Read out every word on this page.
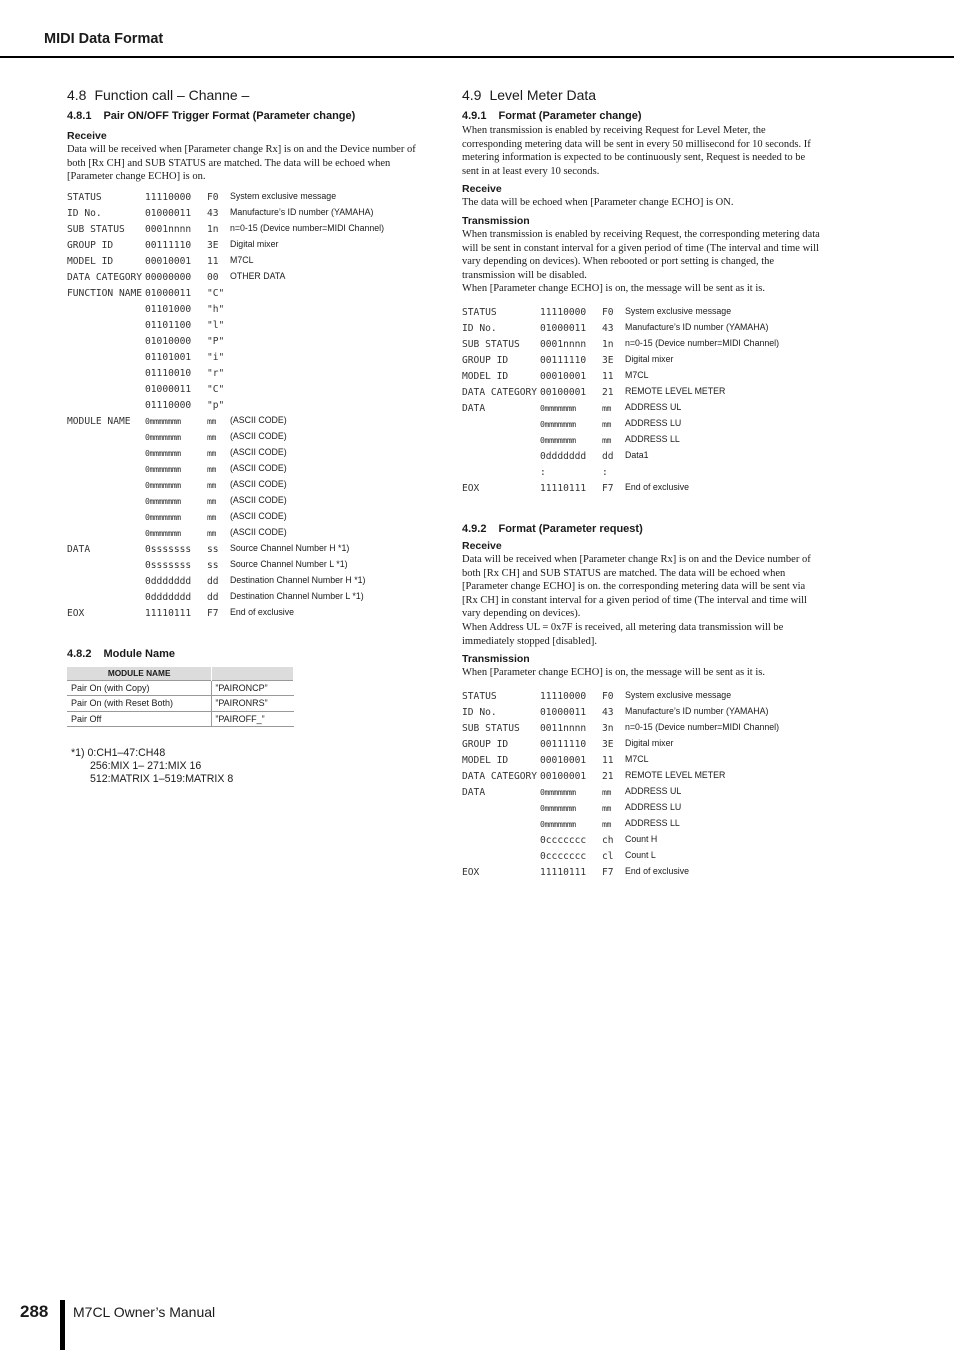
MIDI Data Format
4.8 Function call – Channe –
4.8.1 Pair ON/OFF Trigger Format (Parameter change)
Receive

Data will be received when [Parameter change Rx] is on and the Device number of both [Rx CH] and SUB STATUS are matched. The data will be echoed when [Parameter change ECHO] is on.

STATUS	11110000	F0	System exclusive message
ID No.	01000011	43	Manufacture’s ID number (YAMAHA)
SUB STATUS	0001nnnn	1n	n=0-15 (Device number=MIDI Channel)
GROUP ID	00111110	3E	Digital mixer
MODEL ID	00010001	11	M7CL
DATA CATEGORY 00000000	00	OTHER DATA
FUNCTION NAME 01000011	"C"
01101000	"h"
01101100	"l"
01010000	"P"
01101001	"i"
01110010	"r"
01000011	"C"
01110000	"p"
MODULE NAME	0mmmmmmm	mm	(ASCII CODE)
0mmmmmmm	mm	(ASCII CODE)
0mmmmmmm	mm	(ASCII CODE)
0mmmmmmm	mm	(ASCII CODE)
0mmmmmmm	mm	(ASCII CODE)
0mmmmmmm	mm	(ASCII CODE)
0mmmmmmm	mm	(ASCII CODE)
0mmmmmmm	mm	(ASCII CODE)
DATA	0sssssss	ss	Source Channel Number H *1)
0sssssss	ss	Source Channel Number L *1)
0ddddddd	dd	Destination Channel Number H *1)
0ddddddd	dd	Destination Channel Number L *1)
EOX	11110111	F7	End of exclusive
4.8.2 Module Name
MODULE NAME	
Pair On (with Copy)	”PAIRONCP”
Pair On (with Reset Both)	”PAIRONRS”
Pair Off	”PAIROFF_”
*1) 0:CH1–47:CH48
256:MIX 1– 271:MIX 16
512:MATRIX 1–519:MATRIX 8
4.9 Level Meter Data
4.9.1 Format (Parameter change)

When transmission is enabled by receiving Request for Level Meter, the corresponding metering data will be sent in every 50 millisecond for 10 seconds. If metering information is expected to be continuously sent, Request is needed to be sent in at least every 10 seconds.

Receive

The data will be echoed when [Parameter change ECHO] is ON.

Transmission

When transmission is enabled by receiving Request, the corresponding metering data will be sent in constant interval for a given period of time (The interval and time will vary depending on devices). When rebooted or port setting is changed, the transmission will be disabled.

When [Parameter change ECHO] is on, the message will be sent as it is.

STATUS	11110000	F0	System exclusive message
ID No.	01000011	43	Manufacture’s ID number (YAMAHA)
SUB STATUS	0001nnnn	1n	n=0-15 (Device number=MIDI Channel)
GROUP ID	00111110	3E	Digital mixer
MODEL ID	00010001	11	M7CL
DATA CATEGORY 00100001	21	REMOTE LEVEL METER
DATA	0mmmmmmm	mm	ADDRESS UL
0mmmmmmm	mm	ADDRESS LU
0mmmmmmm	mm	ADDRESS LL
0ddddddd	dd	Data1
:	:
EOX	11110111	F7	End of exclusive
4.9.2 Format (Parameter request)
Receive

Data will be received when [Parameter change Rx] is on and the Device number of both [Rx CH] and SUB STATUS are matched. The data will be echoed when [Parameter change ECHO] is on. the corresponding metering data will be sent via [Rx CH] in constant interval for a given period of time (The interval and time will vary depending on devices).

When Address UL = 0x7F is received, all metering data transmission will be immediately stopped [disabled].

Transmission

When [Parameter change ECHO] is on, the message will be sent as it is.

STATUS	11110000	F0	System exclusive message
ID No.	01000011	43	Manufacture’s ID number (YAMAHA)
SUB STATUS	0011nnnn	3n	n=0-15 (Device number=MIDI Channel)
GROUP ID	00111110	3E	Digital mixer
MODEL ID	00010001	11	M7CL
DATA CATEGORY 00100001	21	REMOTE LEVEL METER
DATA	0mmmmmmm	mm	ADDRESS UL
0mmmmmmm	mm	ADDRESS LU
0mmmmmmm	mm	ADDRESS LL
0ccccccc	ch	Count H
0ccccccc	cl	Count L
EOX	11110111	F7	End of exclusive
288 M7CL Owner’s Manual
